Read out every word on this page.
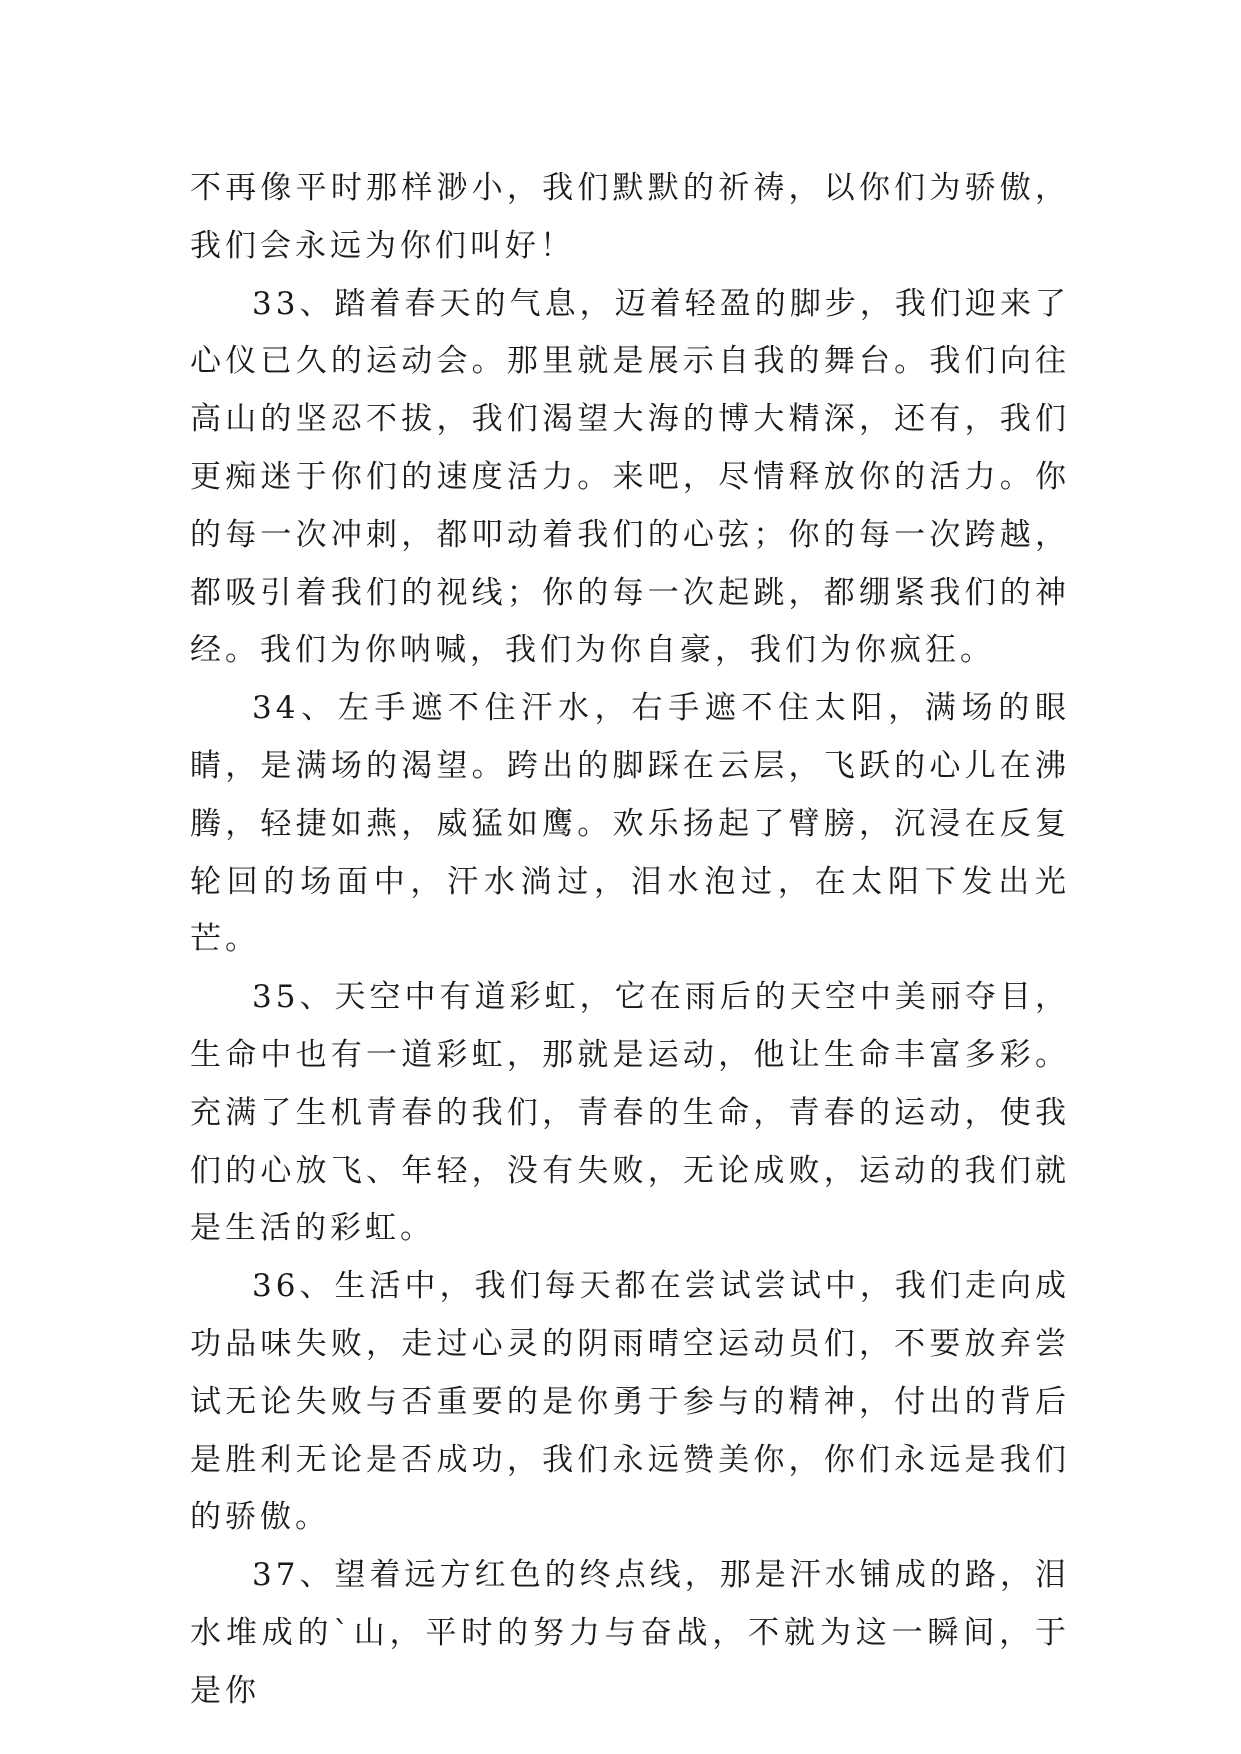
不再像平时那样渺小，我们默默的祈祷，以你们为骄傲，我们会永远为你们叫好！

33、踏着春天的气息，迈着轻盈的脚步，我们迎来了心仪已久的运动会。那里就是展示自我的舞台。我们向往高山的坚忍不拔，我们渴望大海的博大精深，还有，我们更痴迷于你们的速度活力。来吧，尽情释放你的活力。你的每一次冲刺，都叩动着我们的心弦；你的每一次跨越，都吸引着我们的视线；你的每一次起跳，都绷紧我们的神经。我们为你呐喊，我们为你自豪，我们为你疯狂。

34、左手遮不住汗水，右手遮不住太阳，满场的眼睛，是满场的渴望。跨出的脚踩在云层，飞跃的心儿在沸腾，轻捷如燕，威猛如鹰。欢乐扬起了臂膀，沉浸在反复轮回的场面中，汗水淌过，泪水泡过，在太阳下发出光芒。

35、天空中有道彩虹，它在雨后的天空中美丽夺目，生命中也有一道彩虹，那就是运动，他让生命丰富多彩。充满了生机青春的我们，青春的生命，青春的运动，使我们的心放飞、年轻，没有失败，无论成败，运动的我们就是生活的彩虹。

36、生活中，我们每天都在尝试尝试中，我们走向成功品味失败，走过心灵的阴雨晴空运动员们，不要放弃尝试无论失败与否重要的是你勇于参与的精神，付出的背后是胜利无论是否成功，我们永远赞美你，你们永远是我们的骄傲。

37、望着远方红色的终点线，那是汗水铺成的路，泪水堆成的`山，平时的努力与奋战，不就为这一瞬间，于是你
